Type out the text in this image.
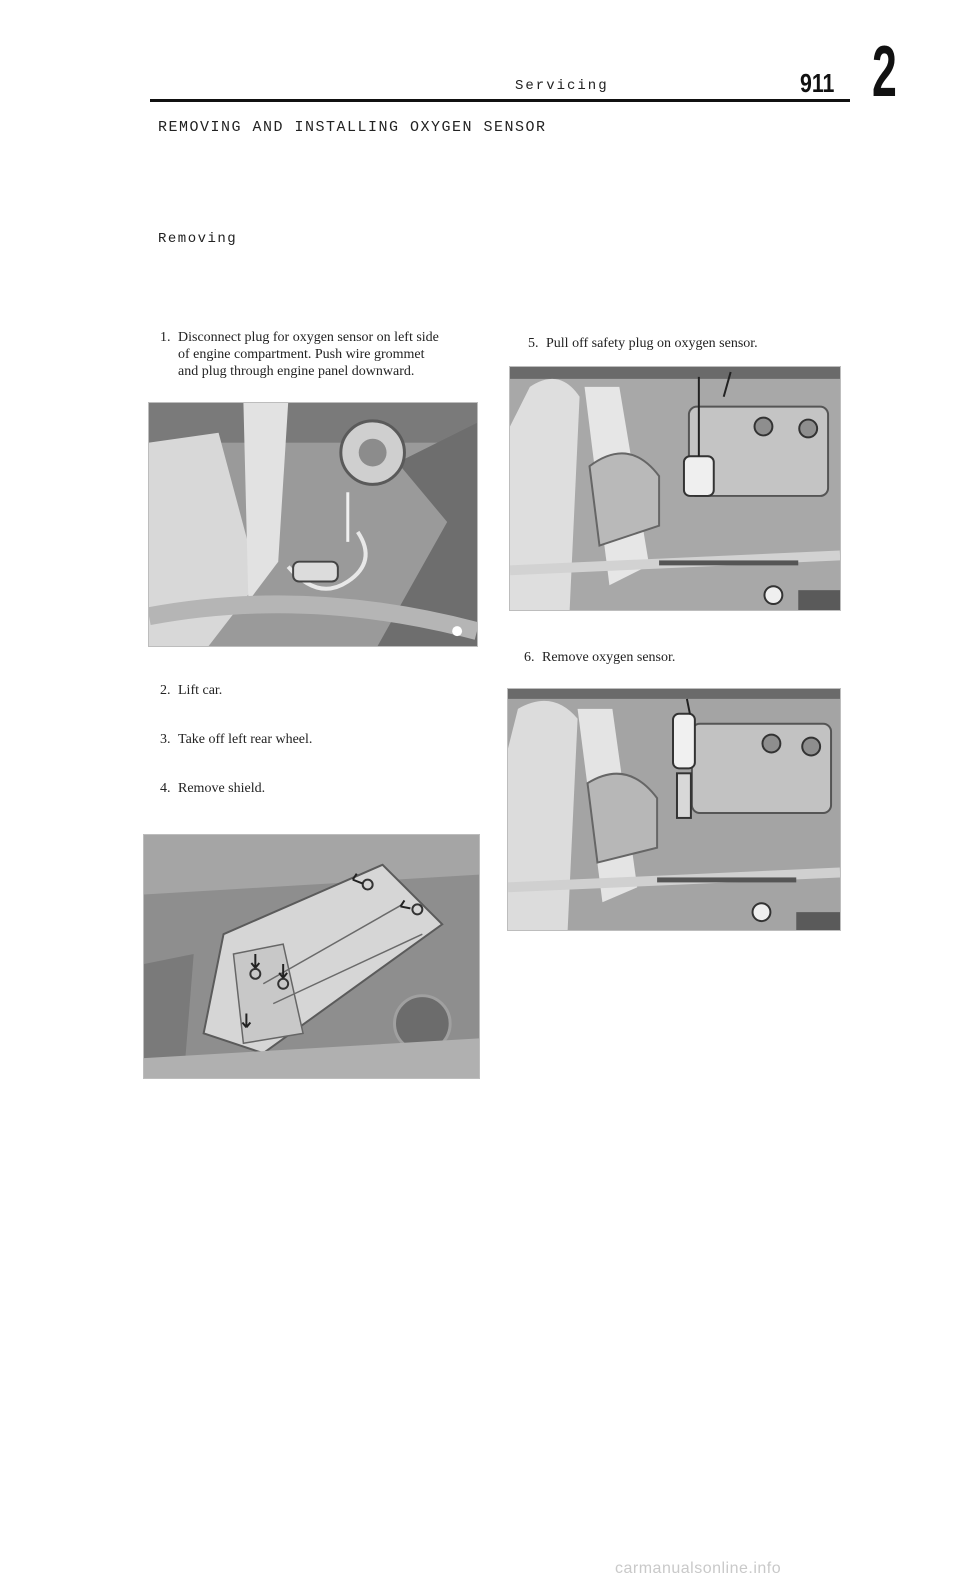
Servicing	911 2
REMOVING AND INSTALLING OXYGEN SENSOR
Removing
1. Disconnect plug for oxygen sensor on left side
of engine compartment. Push wire grommet
and plug through engine panel downward.
2. Lift car.
3. Take off left rear wheel.
4. Remove shield.
5. Pull off safety plug on oxygen sensor.
6. Remove oxygen sensor.
carmanualsonline.info
